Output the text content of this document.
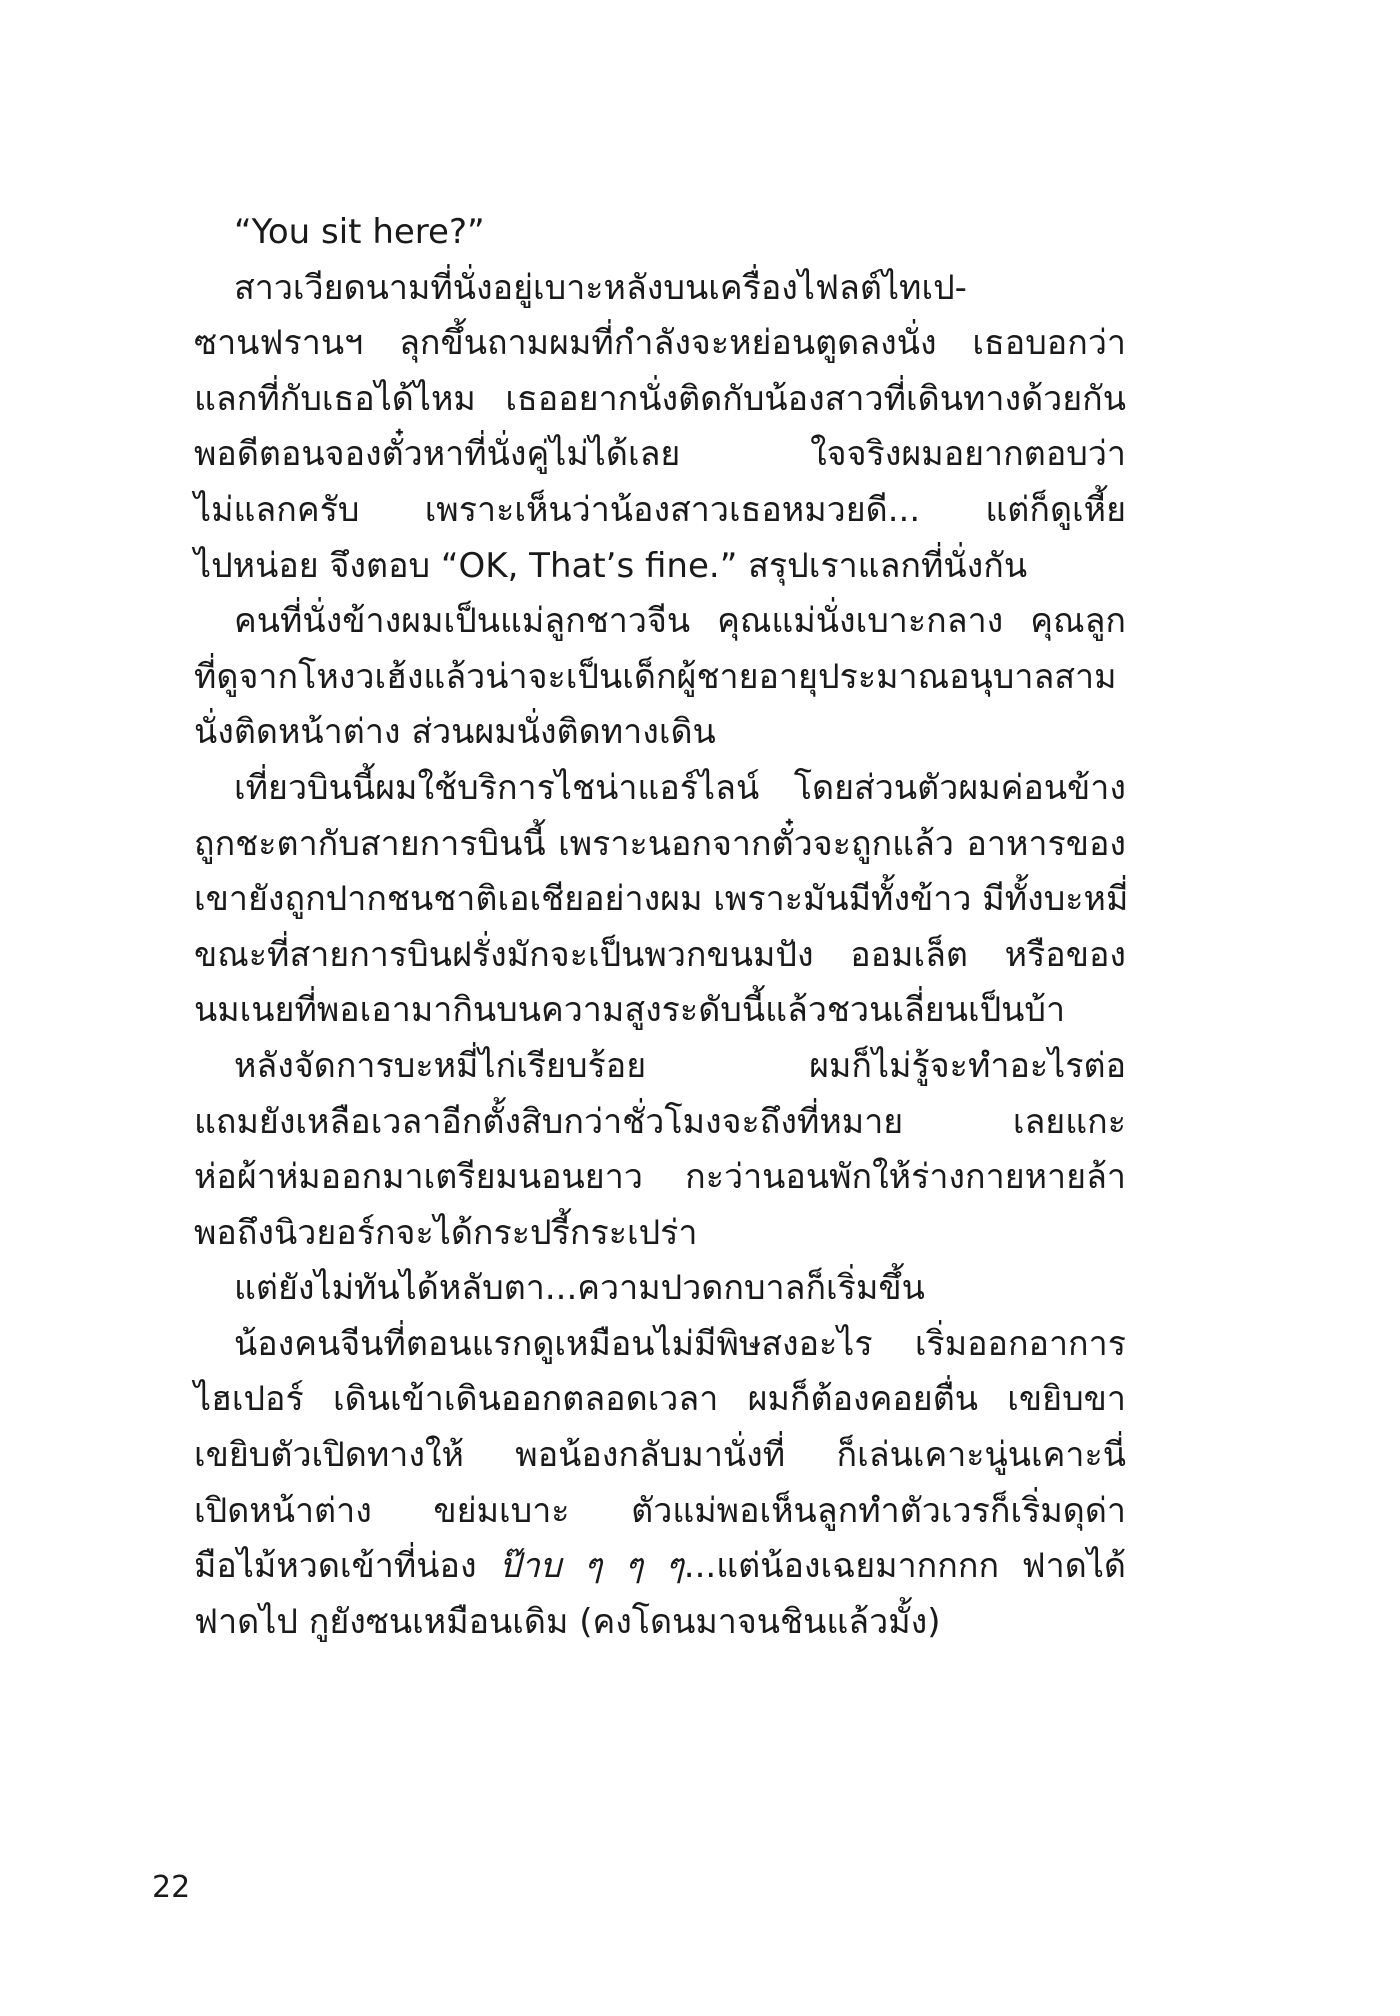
“You sit here?”
สาวเวียดนามที่นั่งอยู่เบาะหลังบนเครื่องไฟลต์ไทเป-
ซานฟรานฯ ลุกขึ้นถามผมที่กำลังจะหย่อนตูดลงนั่ง เธอบอกว่า
แลกที่กับเธอได้ไหม เธออยากนั่งติดกับน้องสาวที่เดินทางด้วยกัน
พอดีตอนจองตั๋วหาที่นั่งคู่ไม่ได้เลย ใจจริงผมอยากตอบว่า
ไม่แลกครับ เพราะเห็นว่าน้องสาวเธอหมวยดี... แต่ก็ดูเหี้ย
ไปหน่อย จึงตอบ “OK, That’s fine.” สรุปเราแลกที่นั่งกัน
คนที่นั่งข้างผมเป็นแม่ลูกชาวจีน คุณแม่นั่งเบาะกลาง คุณลูก
ที่ดูจากโหงวเฮ้งแล้วน่าจะเป็นเด็กผู้ชายอายุประมาณอนุบาลสาม
นั่งติดหน้าต่าง ส่วนผมนั่งติดทางเดิน
เที่ยวบินนี้ผมใช้บริการไชน่าแอร์ไลน์ โดยส่วนตัวผมค่อนข้าง
ถูกชะตากับสายการบินนี้ เพราะนอกจากตั๋วจะถูกแล้ว อาหารของ
เขายังถูกปากชนชาติเอเชียอย่างผม เพราะมันมีทั้งข้าว มีทั้งบะหมี่
ขณะที่สายการบินฝรั่งมักจะเป็นพวกขนมปัง ออมเล็ต หรือของ
นมเนยที่พอเอามากินบนความสูงระดับนี้แล้วชวนเลี่ยนเป็นบ้า
หลังจัดการบะหมี่ไก่เรียบร้อย ผมก็ไม่รู้จะทำอะไรต่อ
แถมยังเหลือเวลาอีกตั้งสิบกว่าชั่วโมงจะถึงที่หมาย เลยแกะ
ห่อผ้าห่มออกมาเตรียมนอนยาว กะว่านอนพักให้ร่างกายหายล้า
พอถึงนิวยอร์กจะได้กระปรี้กระเปร่า
แต่ยังไม่ทันได้หลับตา...ความปวดกบาลก็เริ่มขึ้น
น้องคนจีนที่ตอนแรกดูเหมือนไม่มีพิษสงอะไร เริ่มออกอาการ
ไฮเปอร์ เดินเข้าเดินออกตลอดเวลา ผมก็ต้องคอยตื่น เขยิบขา
เขยิบตัวเปิดทางให้ พอน้องกลับมานั่งที่ ก็เล่นเคาะนู่นเคาะนี่
เปิดหน้าต่าง ขย่มเบาะ ตัวแม่พอเห็นลูกทำตัวเวรก็เริ่มดุด่า
มือไม้หวดเข้าที่น่อง ป๊าบ ๆ ๆ ๆ...แต่น้องเฉยมากกกก ฟาดได้
ฟาดไป กูยังซนเหมือนเดิม (คงโดนมาจนชินแล้วมั้ง)
22
